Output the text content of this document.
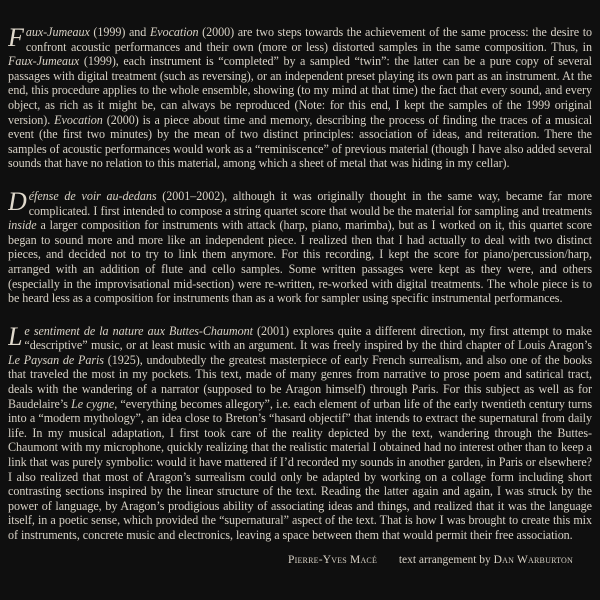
Faux-Jumeaux (1999) and Evocation (2000) are two steps towards the achievement of the same process: the desire to confront acoustic performances and their own (more or less) distorted samples in the same composition. Thus, in Faux-Jumeaux (1999), each instrument is “completed” by a sampled “twin”: the latter can be a pure copy of several passages with digital treatment (such as reversing), or an independent preset playing its own part as an instrument. At the end, this procedure applies to the whole ensemble, showing (to my mind at that time) the fact that every sound, and every object, as rich as it might be, can always be reproduced (Note: for this end, I kept the samples of the 1999 original version). Evocation (2000) is a piece about time and memory, describing the process of finding the traces of a musical event (the first two minutes) by the mean of two distinct principles: association of ideas, and reiteration. There the samples of acoustic performances would work as a “reminiscence” of previous material (though I have also added several sounds that have no relation to this material, among which a sheet of metal that was hiding in my cellar).

Défense de voir au-dedans (2001–2002), although it was originally thought in the same way, became far more complicated. I first intended to compose a string quartet score that would be the material for sampling and treatments inside a larger composition for instruments with attack (harp, piano, marimba), but as I worked on it, this quartet score began to sound more and more like an independent piece. I realized then that I had actually to deal with two distinct pieces, and decided not to try to link them anymore. For this recording, I kept the score for piano/percussion/harp, arranged with an addition of flute and cello samples. Some written passages were kept as they were, and others (especially in the improvisational mid-section) were re-written, re-worked with digital treatments. The whole piece is to be heard less as a composition for instruments than as a work for sampler using specific instrumental performances.

Le sentiment de la nature aux Buttes-Chaumont (2001) explores quite a different direction, my first attempt to make “descriptive” music, or at least music with an argument. It was freely inspired by the third chapter of Louis Aragon’s Le Paysan de Paris (1925), undoubtedly the greatest masterpiece of early French surrealism, and also one of the books that traveled the most in my pockets. This text, made of many genres from narrative to prose poem and satirical tract, deals with the wandering of a narrator (supposed to be Aragon himself) through Paris. For this subject as well as for Baudelaire’s Le cygne, “everything becomes allegory”, i.e. each element of urban life of the early twentieth century turns into a “modern mythology”, an idea close to Breton’s “hasard objectif” that intends to extract the supernatural from daily life. In my musical adaptation, I first took care of the reality depicted by the text, wandering through the Buttes-Chaumont with my microphone, quickly realizing that the realistic material I obtained had no interest other than to keep a link that was purely symbolic: would it have mattered if I’d recorded my sounds in another garden, in Paris or elsewhere? I also realized that most of Aragon’s surrealism could only be adapted by working on a collage form including short contrasting sections inspired by the linear structure of the text. Reading the latter again and again, I was struck by the power of language, by Aragon’s prodigious ability of associating ideas and things, and realized that it was the language itself, in a poetic sense, which provided the “supernatural” aspect of the text. That is how I was brought to create this mix of instruments, concrete music and electronics, leaving a space between them that would permit their free association.

Pierre-Yves Macé text arrangement by Dan Warburton
